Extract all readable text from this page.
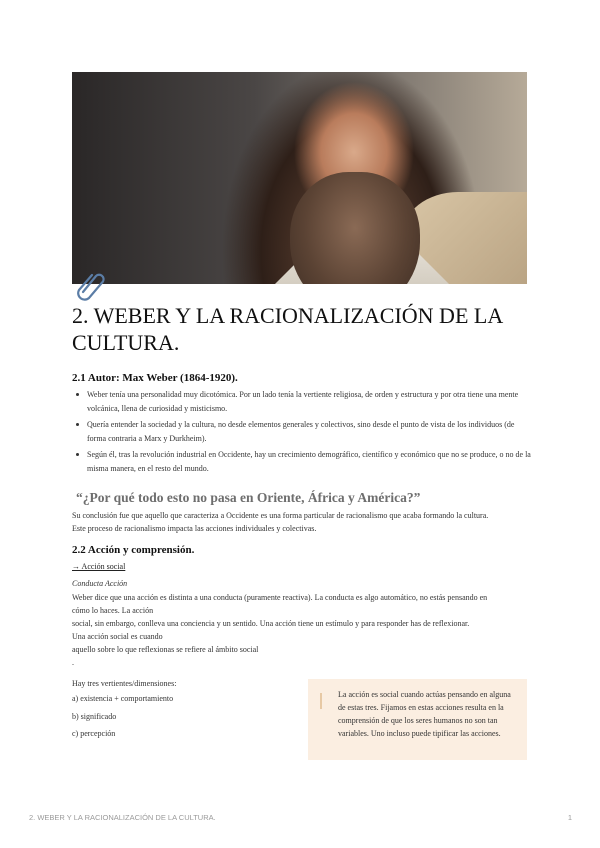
2. WEBER Y LA RACIONALIZACIÓN DE LA CULTURA.

2.1 Autor: Max Weber (1864-1920).

Weber tenía una personalidad muy dicotómica. Por un lado tenía la vertiente religiosa, de orden y estructura y por otra tiene una mente volcánica, llena de curiosidad y misticismo.
Quería entender la sociedad y la cultura, no desde elementos generales y colectivos, sino desde el punto de vista de los individuos (de forma contraria a Marx y Durkheim).
Según él, tras la revolución industrial en Occidente, hay un crecimiento demográfico, científico y económico que no se produce, o no de la misma manera, en el resto del mundo.

“¿Por qué todo esto no pasa en Oriente, África y América?”

Su conclusión fue que aquello que caracteriza a Occidente es una forma particular de racionalismo que acaba formando la cultura.
Este proceso de racionalismo impacta las acciones individuales y colectivas.

2.2 Acción y comprensión.

→ Acción social
Conducta Acción
Weber dice que una acción es distinta a una conducta (puramente reactiva). La conducta es algo automático, no estás pensando en
cómo lo haces. La acción
social, sin embargo, conlleva una conciencia y un sentido. Una acción tiene un estímulo y para responder has de reflexionar.
Una acción social es cuando
aquello sobre lo que reflexionas se refiere al ámbito social
.
Hay tres vertientes/dimensiones:
a) existencia + comportamiento
b) significado
c) percepción
La acción es social cuando actúas pensando en alguna de estas tres. Fijamos en estas acciones resulta en la comprensión de que los seres humanos no son tan variables. Uno incluso puede tipificar las acciones.
2. WEBER Y LA RACIONALIZACIÓN DE LA CULTURA.	1
